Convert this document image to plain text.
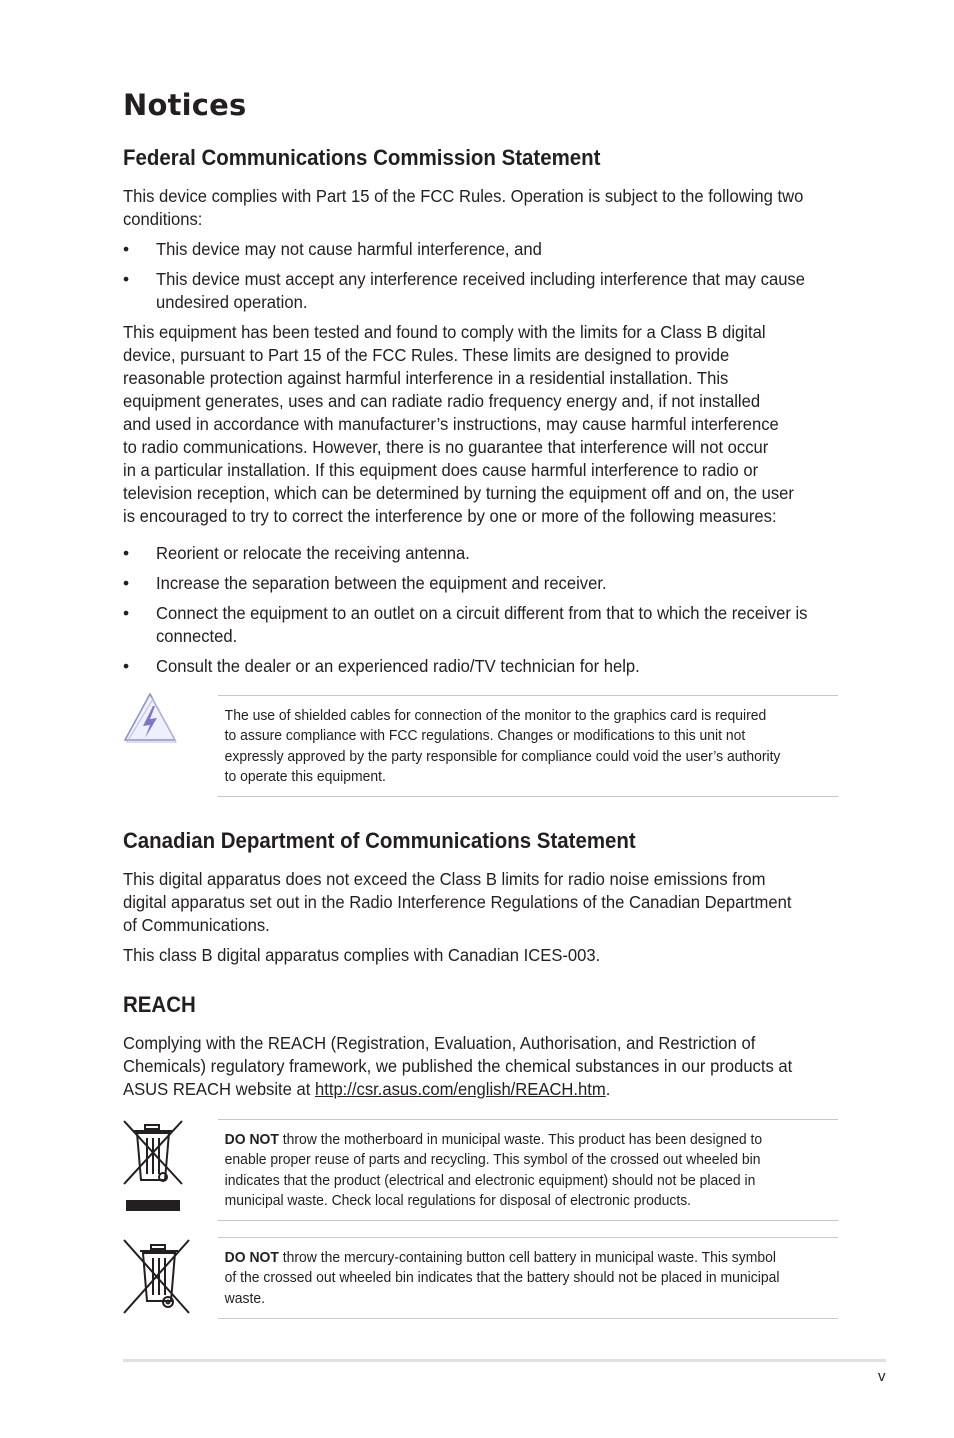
Notices
Federal Communications Commission Statement

This device complies with Part 15 of the FCC Rules. Operation is subject to the following two

conditions:

• This device may not cause harmful interference, and
• This device must accept any interference received including interference that may cause
undesired operation.

This equipment has been tested and found to comply with the limits for a Class B digital

device, pursuant to Part 15 of the FCC Rules. These limits are designed to provide

reasonable protection against harmful interference in a residential installation. This

equipment generates, uses and can radiate radio frequency energy and, if not installed

and used in accordance with manufacturer’s instructions, may cause harmful interference

to radio communications. However, there is no guarantee that interference will not occur

in a particular installation. If this equipment does cause harmful interference to radio or

television reception, which can be determined by turning the equipment off and on, the user

is encouraged to try to correct the interference by one or more of the following measures:

• Reorient or relocate the receiving antenna.
• Increase the separation between the equipment and receiver.
• Connect the equipment to an outlet on a circuit different from that to which the receiver is
connected.
• Consult the dealer or an experienced radio/TV technician for help.

The use of shielded cables for connection of the monitor to the graphics card is required

to assure compliance with FCC regulations. Changes or modifications to this unit not

expressly approved by the party responsible for compliance could void the user’s authority

to operate this equipment.

Canadian Department of Communications Statement

This digital apparatus does not exceed the Class B limits for radio noise emissions from

digital apparatus set out in the Radio Interference Regulations of the Canadian Department

of Communications.

This class B digital apparatus complies with Canadian ICES-003.

REACH

Complying with the REACH (Registration, Evaluation, Authorisation, and Restriction of

Chemicals) regulatory framework, we published the chemical substances in our products at

ASUS REACH website at http://csr.asus.com/english/REACH.htm.

DO NOT throw the motherboard in municipal waste. This product has been designed to

enable proper reuse of parts and recycling. This symbol of the crossed out wheeled bin

indicates that the product (electrical and electronic equipment) should not be placed in

municipal waste. Check local regulations for disposal of electronic products.

DO NOT throw the mercury-containing button cell battery in municipal waste. This symbol

of the crossed out wheeled bin indicates that the battery should not be placed in municipal

waste.

v
